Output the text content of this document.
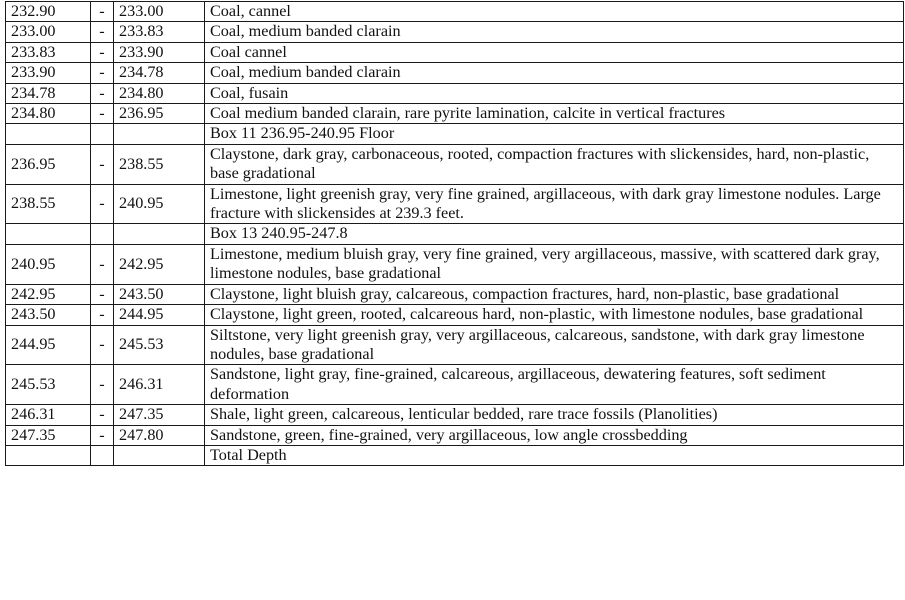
232.90	-	233.00	Coal, cannel
233.00	-	233.83	Coal, medium banded clarain
233.83	-	233.90	Coal cannel
233.90	-	234.78	Coal, medium banded clarain
234.78	-	234.80	Coal, fusain
234.80	-	236.95	Coal medium banded clarain, rare pyrite lamination, calcite in vertical fractures
			Box 11 236.95-240.95 Floor
236.95	-	238.55	Claystone, dark gray, carbonaceous, rooted, compaction fractures with slickensides, hard, non-plastic, base gradational
238.55	-	240.95	Limestone, light greenish gray, very fine grained, argillaceous, with dark gray limestone nodules. Large fracture with slickensides at 239.3 feet.
			Box 13 240.95-247.8
240.95	-	242.95	Limestone, medium bluish gray, very fine grained, very argillaceous, massive, with scattered dark gray, limestone nodules, base gradational
242.95	-	243.50	Claystone, light bluish gray, calcareous, compaction fractures, hard, non-plastic, base gradational
243.50	-	244.95	Claystone, light green, rooted, calcareous hard, non-plastic, with limestone nodules, base gradational
244.95	-	245.53	Siltstone, very light greenish gray, very argillaceous, calcareous, sandstone, with dark gray limestone nodules, base gradational
245.53	-	246.31	Sandstone, light gray, fine-grained, calcareous, argillaceous, dewatering features, soft sediment deformation
246.31	-	247.35	Shale, light green, calcareous, lenticular bedded, rare trace fossils (Planolities)
247.35	-	247.80	Sandstone, green, fine-grained, very argillaceous, low angle crossbedding
			Total Depth
